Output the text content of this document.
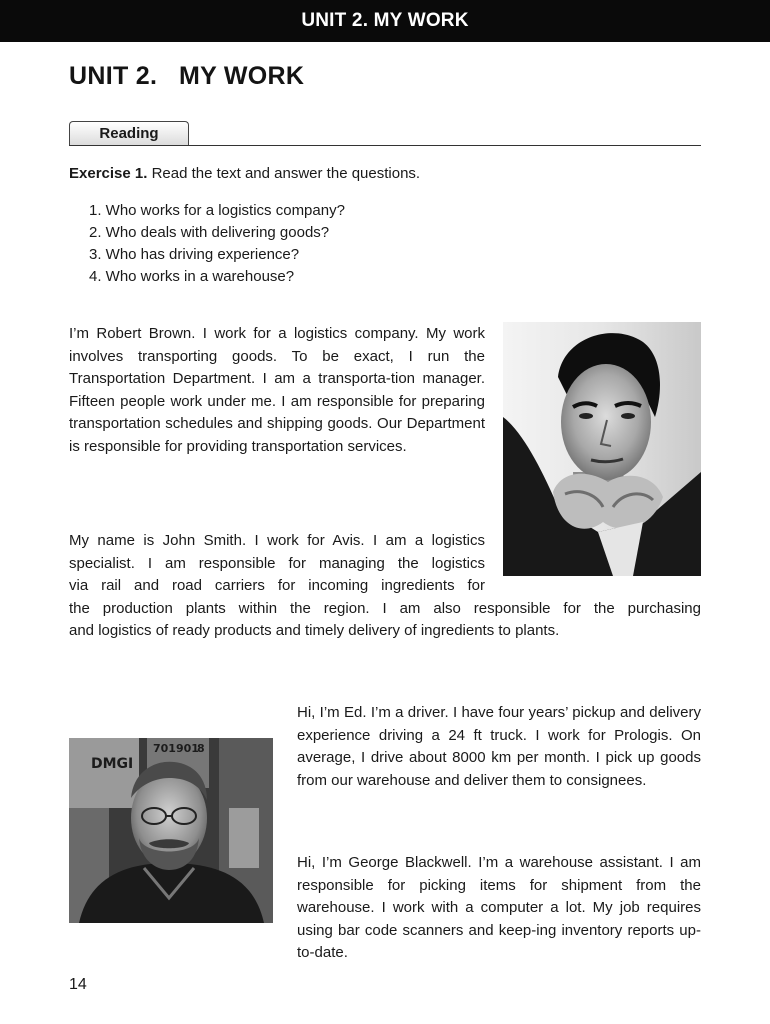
UNIT 2. MY WORK
UNIT 2.   MY WORK
Reading
Exercise 1. Read the text and answer the questions.
1. Who works for a logistics company?
2. Who deals with delivering goods?
3. Who has driving experience?
4. Who works in a warehouse?

I’m Robert Brown. I work for a logistics company. My work involves transporting goods. To be exact, I run the Transportation Department. I am a transporta-tion manager. Fifteen people work under me. I am responsible for preparing transportation schedules and shipping goods. Our Department is responsible for providing transportation services.

My name is John Smith. I work for Avis. I am a logistics
specialist. I am responsible for managing the logistics
via rail and road carriers for incoming ingredients for
the production plants within the region. I am also responsible for the purchasing
and logistics of ready products and timely delivery of ingredients to plants.

DMGI
701901
8

Hi, I’m Ed. I’m a driver. I have four years’ pickup and delivery experience driving a 24 ft truck. I work for Prologis. On average, I drive about 8000 km per month. I pick up goods from our warehouse and deliver them to consignees.

Hi, I’m George Blackwell. I’m a warehouse assistant. I am responsible for picking items for shipment from the warehouse. I work with a computer a lot. My job requires using bar code scanners and keep-ing inventory reports up-to-date.

14
